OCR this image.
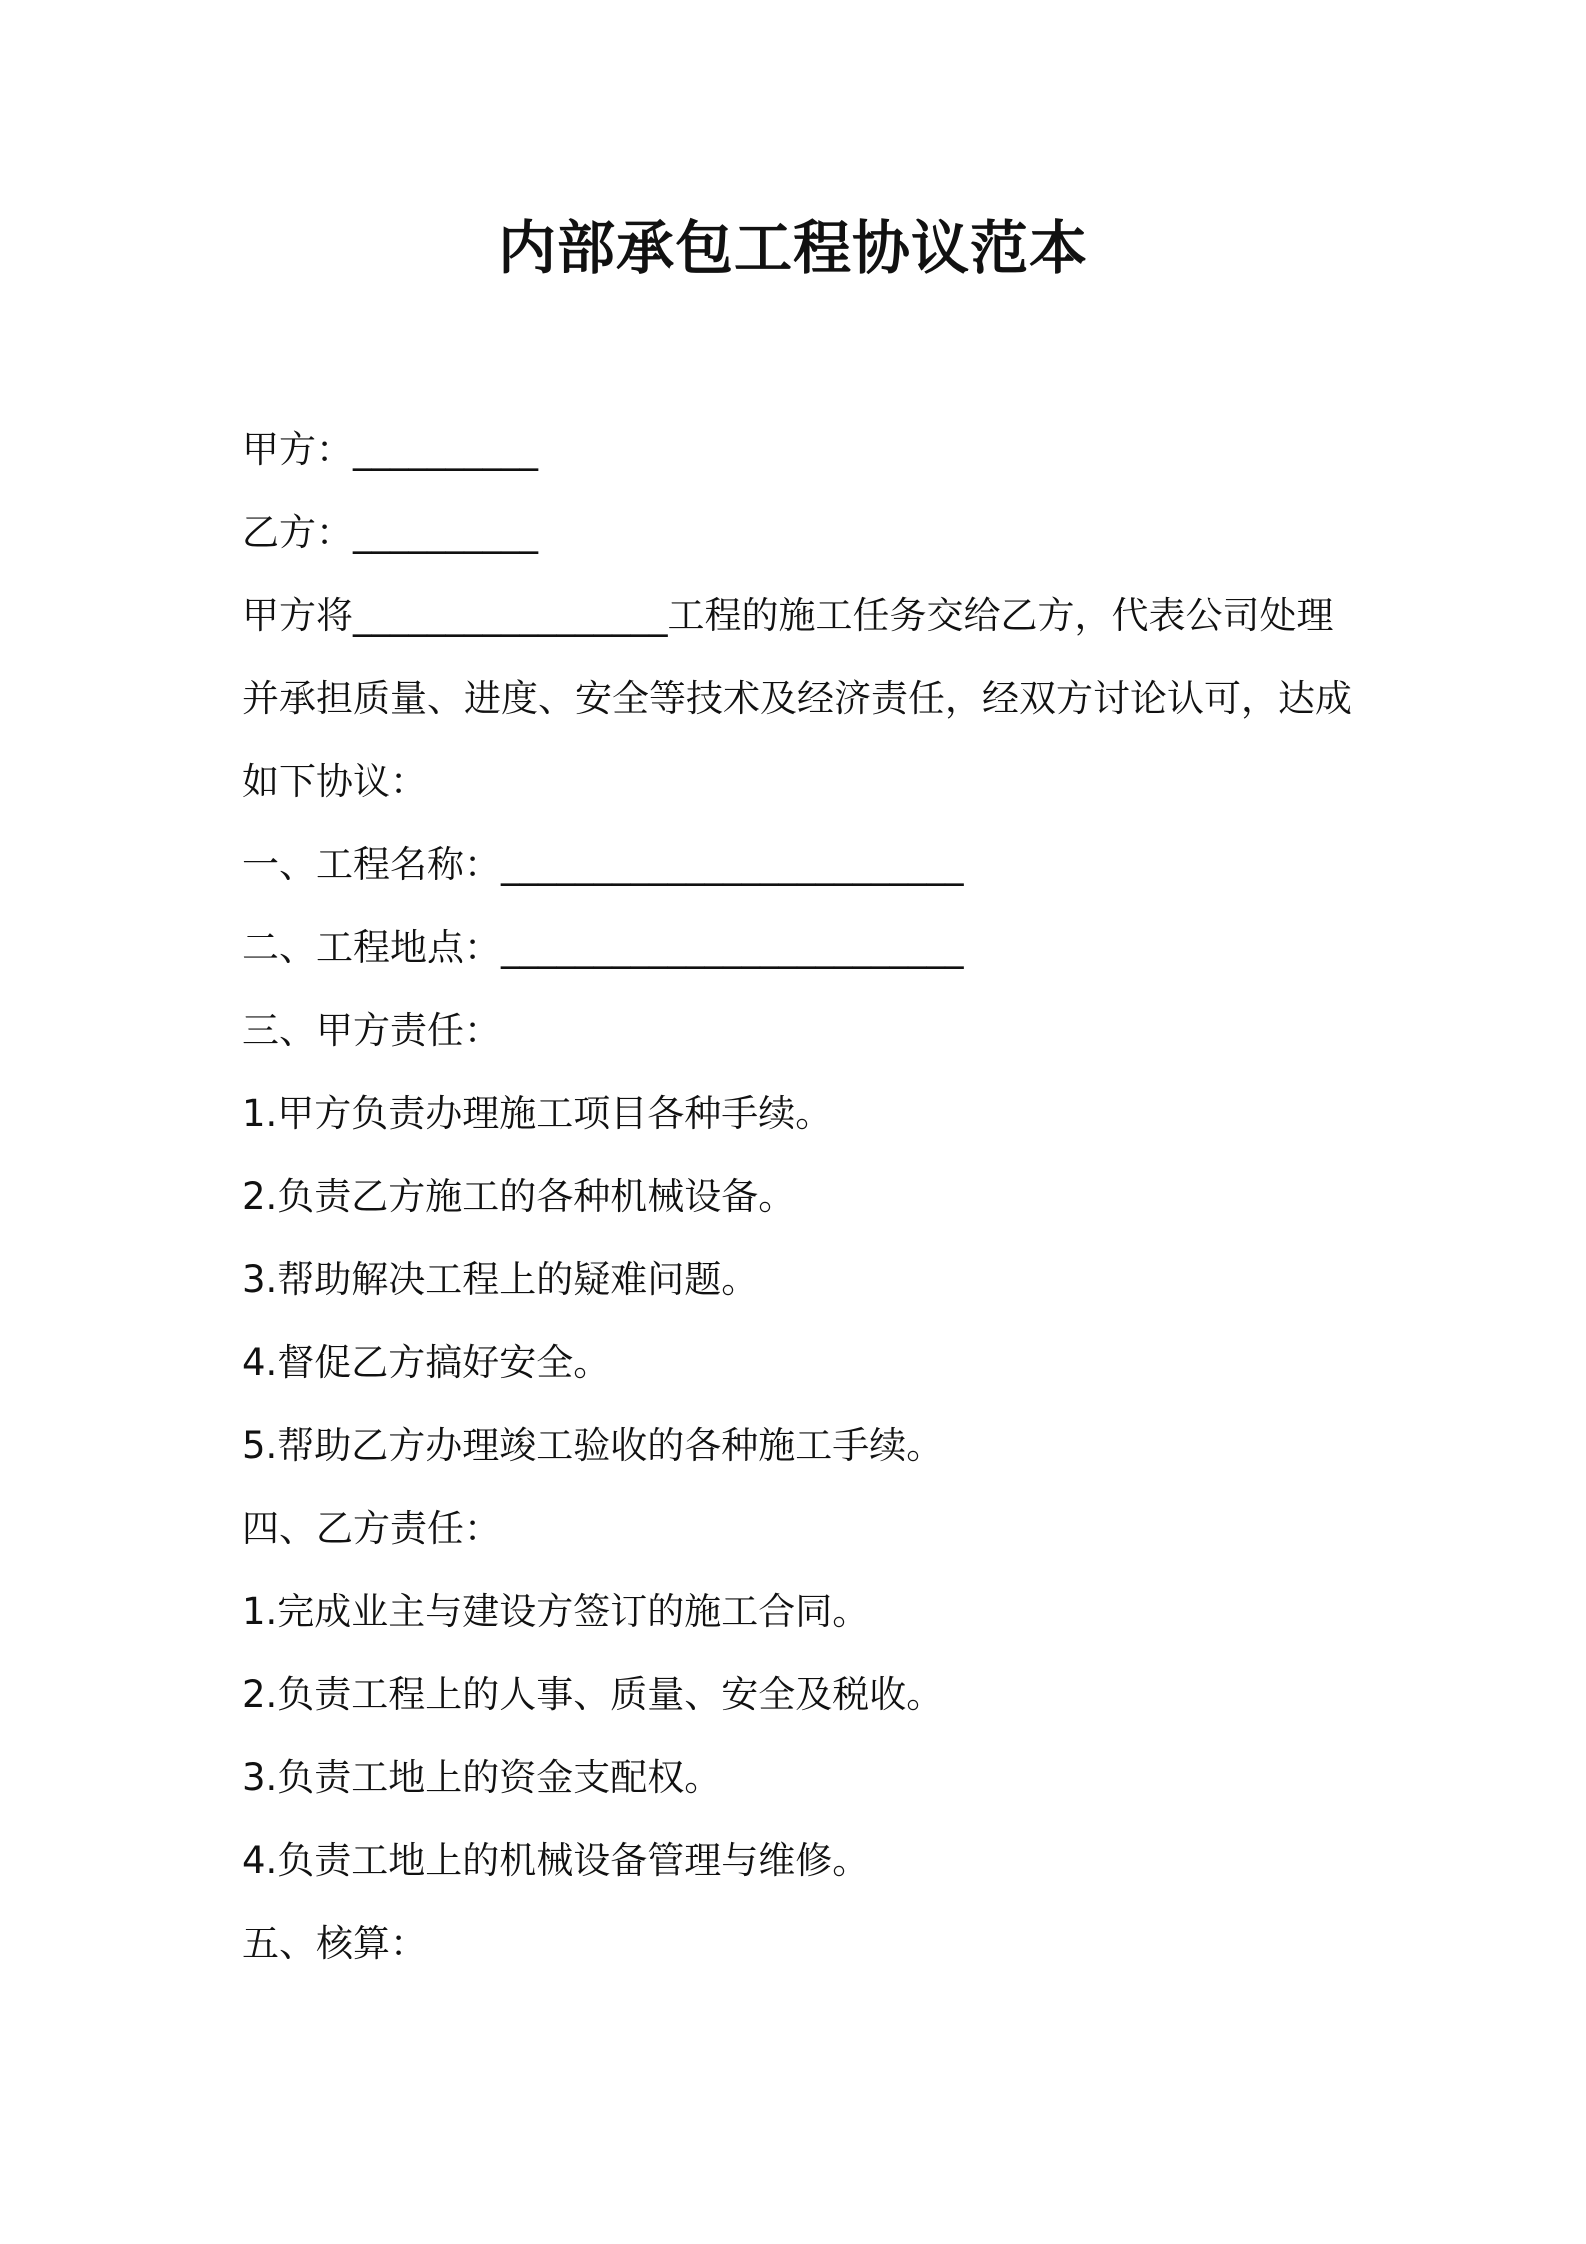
内部承包工程协议范本
甲方：__________
乙方：__________
甲方将_________________工程的施工任务交给乙方，代表公司处理
并承担质量、进度、安全等技术及经济责任，经双方讨论认可，达成
如下协议：
一、工程名称：_________________________
二、工程地点：_________________________
三、甲方责任：
1.甲方负责办理施工项目各种手续。
2.负责乙方施工的各种机械设备。
3.帮助解决工程上的疑难问题。
4.督促乙方搞好安全。
5.帮助乙方办理竣工验收的各种施工手续。
四、乙方责任：
1.完成业主与建设方签订的施工合同。
2.负责工程上的人事、质量、安全及税收。
3.负责工地上的资金支配权。
4.负责工地上的机械设备管理与维修。
五、核算：
